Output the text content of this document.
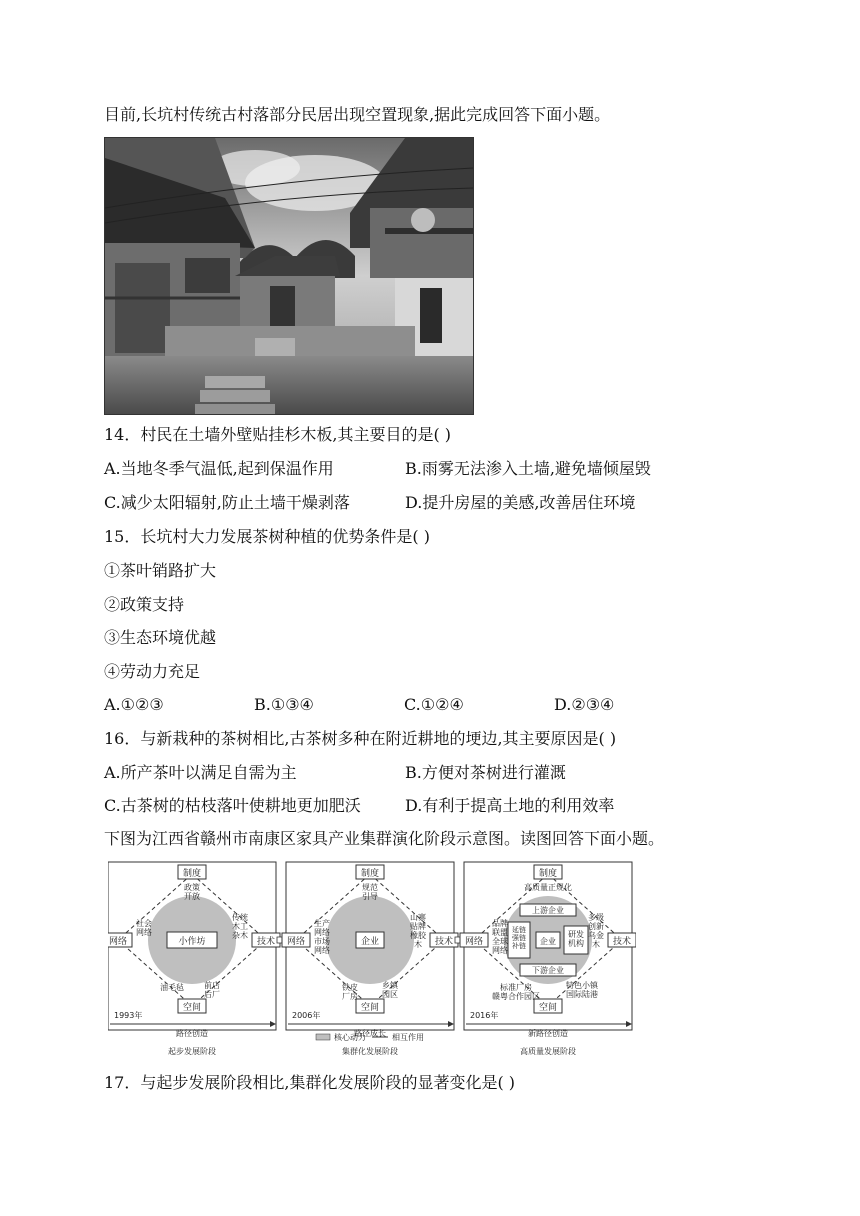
目前,长坑村传统古村落部分民居出现空置现象,据此完成回答下面小题。
14．村民在土墙外壁贴挂杉木板,其主要目的是( )
A.当地冬季气温低,起到保温作用	B.雨雾无法渗入土墙,避免墙倾屋毁
C.减少太阳辐射,防止土墙干燥剥落	D.提升房屋的美感,改善居住环境
15．长坑村大力发展茶树种植的优势条件是( )
①茶叶销路扩大
②政策支持
③生态环境优越
④劳动力充足
A.①②③	B.①③④	C.①②④	D.②③④
16．与新栽种的茶树相比,古茶树多种在附近耕地的埂边,其主要原因是( )
A.所产茶叶以满足自需为主	B.方便对茶树进行灌溉
C.古茶树的枯枝落叶使耕地更加肥沃	D.有利于提高土地的利用效率
下图为江西省赣州市南康区家具产业集群演化阶段示意图。读图回答下面小题。
制度
空间
网络	技术
小作坊
政策开放
社会网络
传统木工杂木
油毛毡	前店后厂
1993年
路径创造
起步发展阶段
制度
空间
网络	技术
企业
规范引导
生产网络市场网络
山寨贴牌橡胶木
铁皮厂房
乡镇园区
2006年
路径成长
集群化发展阶段
制度
空间
网络	技术
上游企业
下游企业
企业
延链强链补链
研发机构
高质量正规化
品牌联盟全球网络
多级创新乌金木
标准厂房赣粤合作园区
特色小镇国际陆港
2016年
新路径创造
高质量发展阶段
核心动力	相互作用
17．与起步发展阶段相比,集群化发展阶段的显著变化是( )
